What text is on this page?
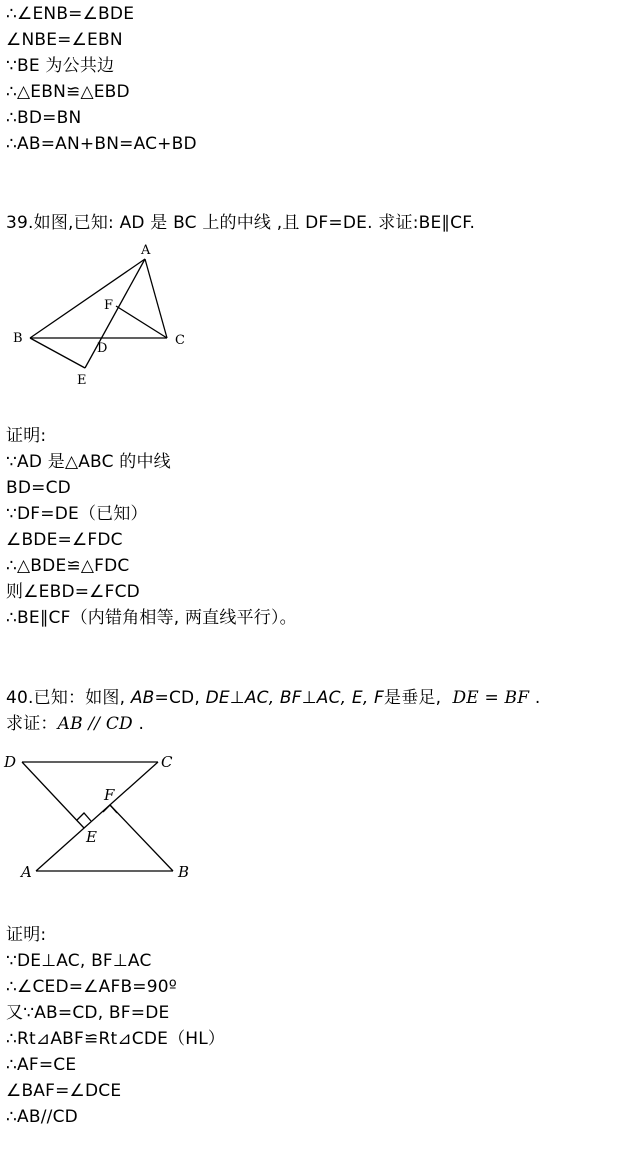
∴∠ENB=∠BDE
∠NBE=∠EBN
∵BE 为公共边
∴△EBN≌△EBD
∴BD=BN
∴AB=AN+BN=AC+BD
39.如图,已知: AD 是 BC 上的中线 ,且 DF=DE. 求证:BE∥CF.
A
B	C
D
E
F
证明:
∵AD 是△ABC 的中线
BD=CD
∵DF=DE（已知）
∠BDE=∠FDC
∴△BDE≌△FDC
则∠EBD=∠FCD
∴BE∥CF（内错角相等, 两直线平行）。
40.已知：如图, AB=CD, DE⊥AC, BF⊥AC, E, F是垂足,  DE = BF .
求证：AB // CD .
D	C
A	B
E
F
证明:
∵DE⊥AC, BF⊥AC
∴∠CED=∠AFB=90º
又∵AB=CD, BF=DE
∴Rt⊿ABF≌Rt⊿CDE（HL）
∴AF=CE
∠BAF=∠DCE
∴AB//CD
